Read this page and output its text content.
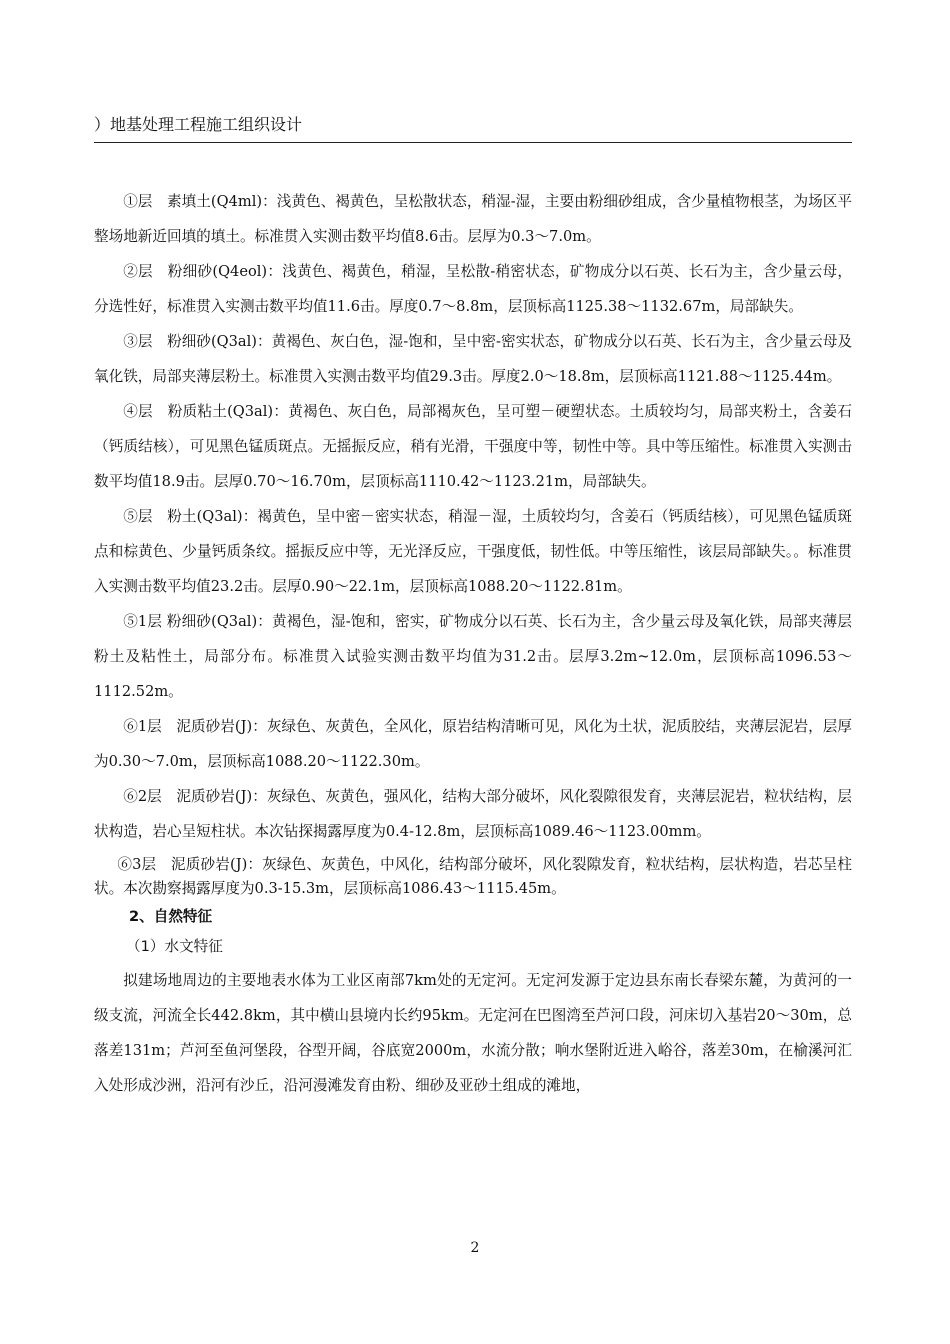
）地基处理工程施工组织设计

①层　素填土(Q4ml)：浅黄色、褐黄色，呈松散状态，稍湿-湿，主要由粉细砂组成，含少量植物根茎，为场区平整场地新近回填的填土。标准贯入实测击数平均值8.6击。层厚为0.3～7.0m。

②层　粉细砂(Q4eol)：浅黄色、褐黄色，稍湿，呈松散-稍密状态，矿物成分以石英、长石为主，含少量云母，分选性好，标准贯入实测击数平均值11.6击。厚度0.7～8.8m，层顶标高1125.38～1132.67m，局部缺失。

③层　粉细砂(Q3al)：黄褐色、灰白色，湿-饱和，呈中密-密实状态，矿物成分以石英、长石为主，含少量云母及氧化铁，局部夹薄层粉土。标准贯入实测击数平均值29.3击。厚度2.0～18.8m，层顶标高1121.88～1125.44m。

④层　粉质粘土(Q3al)：黄褐色、灰白色，局部褐灰色，呈可塑－硬塑状态。土质较均匀，局部夹粉土，含姜石（钙质结核），可见黑色锰质斑点。无摇振反应，稍有光滑，干强度中等，韧性中等。具中等压缩性。标准贯入实测击数平均值18.9击。层厚0.70～16.70m，层顶标高1110.42～1123.21m，局部缺失。

⑤层　粉土(Q3al)：褐黄色，呈中密－密实状态，稍湿－湿，土质较均匀，含姜石（钙质结核），可见黑色锰质斑点和棕黄色、少量钙质条纹。摇振反应中等，无光泽反应，干强度低，韧性低。中等压缩性，该层局部缺失。。标准贯入实测击数平均值23.2击。层厚0.90～22.1m，层顶标高1088.20～1122.81m。

⑤1层 粉细砂(Q3al)：黄褐色，湿-饱和，密实，矿物成分以石英、长石为主，含少量云母及氧化铁，局部夹薄层粉土及粘性土，局部分布。标准贯入试验实测击数平均值为31.2击。层厚3.2m~12.0m，层顶标高1096.53～1112.52m。

⑥1层　泥质砂岩(J)：灰绿色、灰黄色，全风化，原岩结构清晰可见，风化为土状，泥质胶结，夹薄层泥岩，层厚为0.30～7.0m，层顶标高1088.20～1122.30m。

⑥2层　泥质砂岩(J)：灰绿色、灰黄色，强风化，结构大部分破坏，风化裂隙很发育，夹薄层泥岩，粒状结构，层状构造，岩心呈短柱状。本次钻探揭露厚度为0.4-12.8m，层顶标高1089.46～1123.00mm。

⑥3层　泥质砂岩(J)：灰绿色、灰黄色，中风化，结构部分破坏，风化裂隙发育，粒状结构，层状构造，岩芯呈柱状。本次勘察揭露厚度为0.3-15.3m，层顶标高1086.43～1115.45m。

2、自然特征

（1）水文特征

拟建场地周边的主要地表水体为工业区南部7km处的无定河。无定河发源于定边县东南长春梁东麓，为黄河的一级支流，河流全长442.8km，其中横山县境内长约95km。无定河在巴图湾至芦河口段，河床切入基岩20～30m，总落差131m；芦河至鱼河堡段，谷型开阔，谷底宽2000m，水流分散；响水堡附近进入峪谷，落差30m，在榆溪河汇入处形成沙洲，沿河有沙丘，沿河漫滩发育由粉、细砂及亚砂土组成的滩地，

2
